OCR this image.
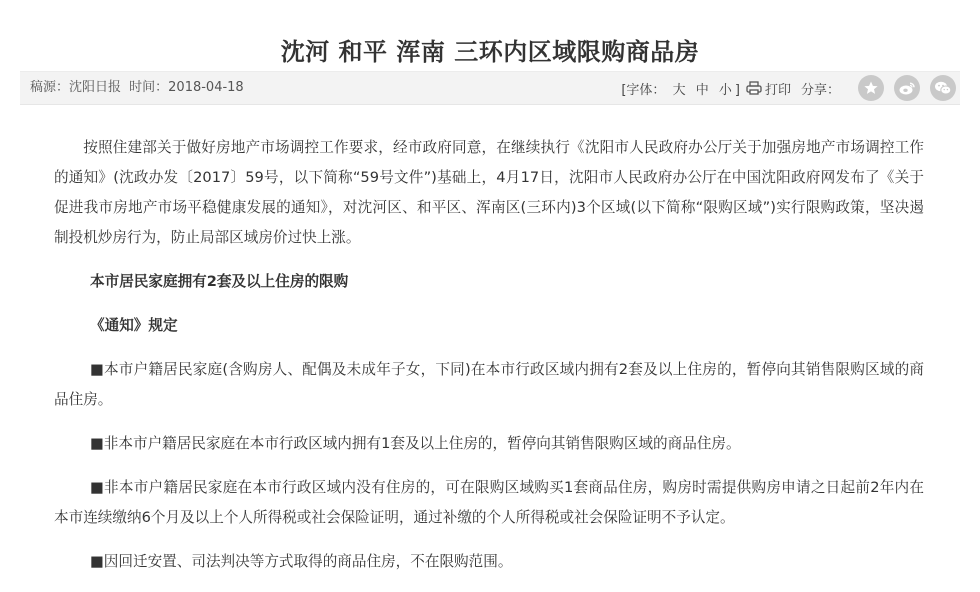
沈河 和平 浑南 三环内区域限购商品房
稿源：沈阳日报 时间：2018-04-18	[字体： 大 中 小 ] 打印 分享：

按照住建部关于做好房地产市场调控工作要求，经市政府同意，在继续执行《沈阳市人民政府办公厅关于加强房地产市场调控工作的通知》(沈政办发〔2017〕59号，以下简称“59号文件”)基础上，4月17日，沈阳市人民政府办公厅在中国沈阳政府网发布了《关于促进我市房地产市场平稳健康发展的通知》，对沈河区、和平区、浑南区(三环内)3个区域(以下简称“限购区域”)实行限购政策，坚决遏制投机炒房行为，防止局部区域房价过快上涨。

本市居民家庭拥有2套及以上住房的限购

《通知》规定

■本市户籍居民家庭(含购房人、配偶及未成年子女，下同)在本市行政区域内拥有2套及以上住房的，暂停向其销售限购区域的商品住房。

■非本市户籍居民家庭在本市行政区域内拥有1套及以上住房的，暂停向其销售限购区域的商品住房。

■非本市户籍居民家庭在本市行政区域内没有住房的，可在限购区域购买1套商品住房，购房时需提供购房申请之日起前2年内在本市连续缴纳6个月及以上个人所得税或社会保险证明，通过补缴的个人所得税或社会保险证明不予认定。

■因回迁安置、司法判决等方式取得的商品住房，不在限购范围。
